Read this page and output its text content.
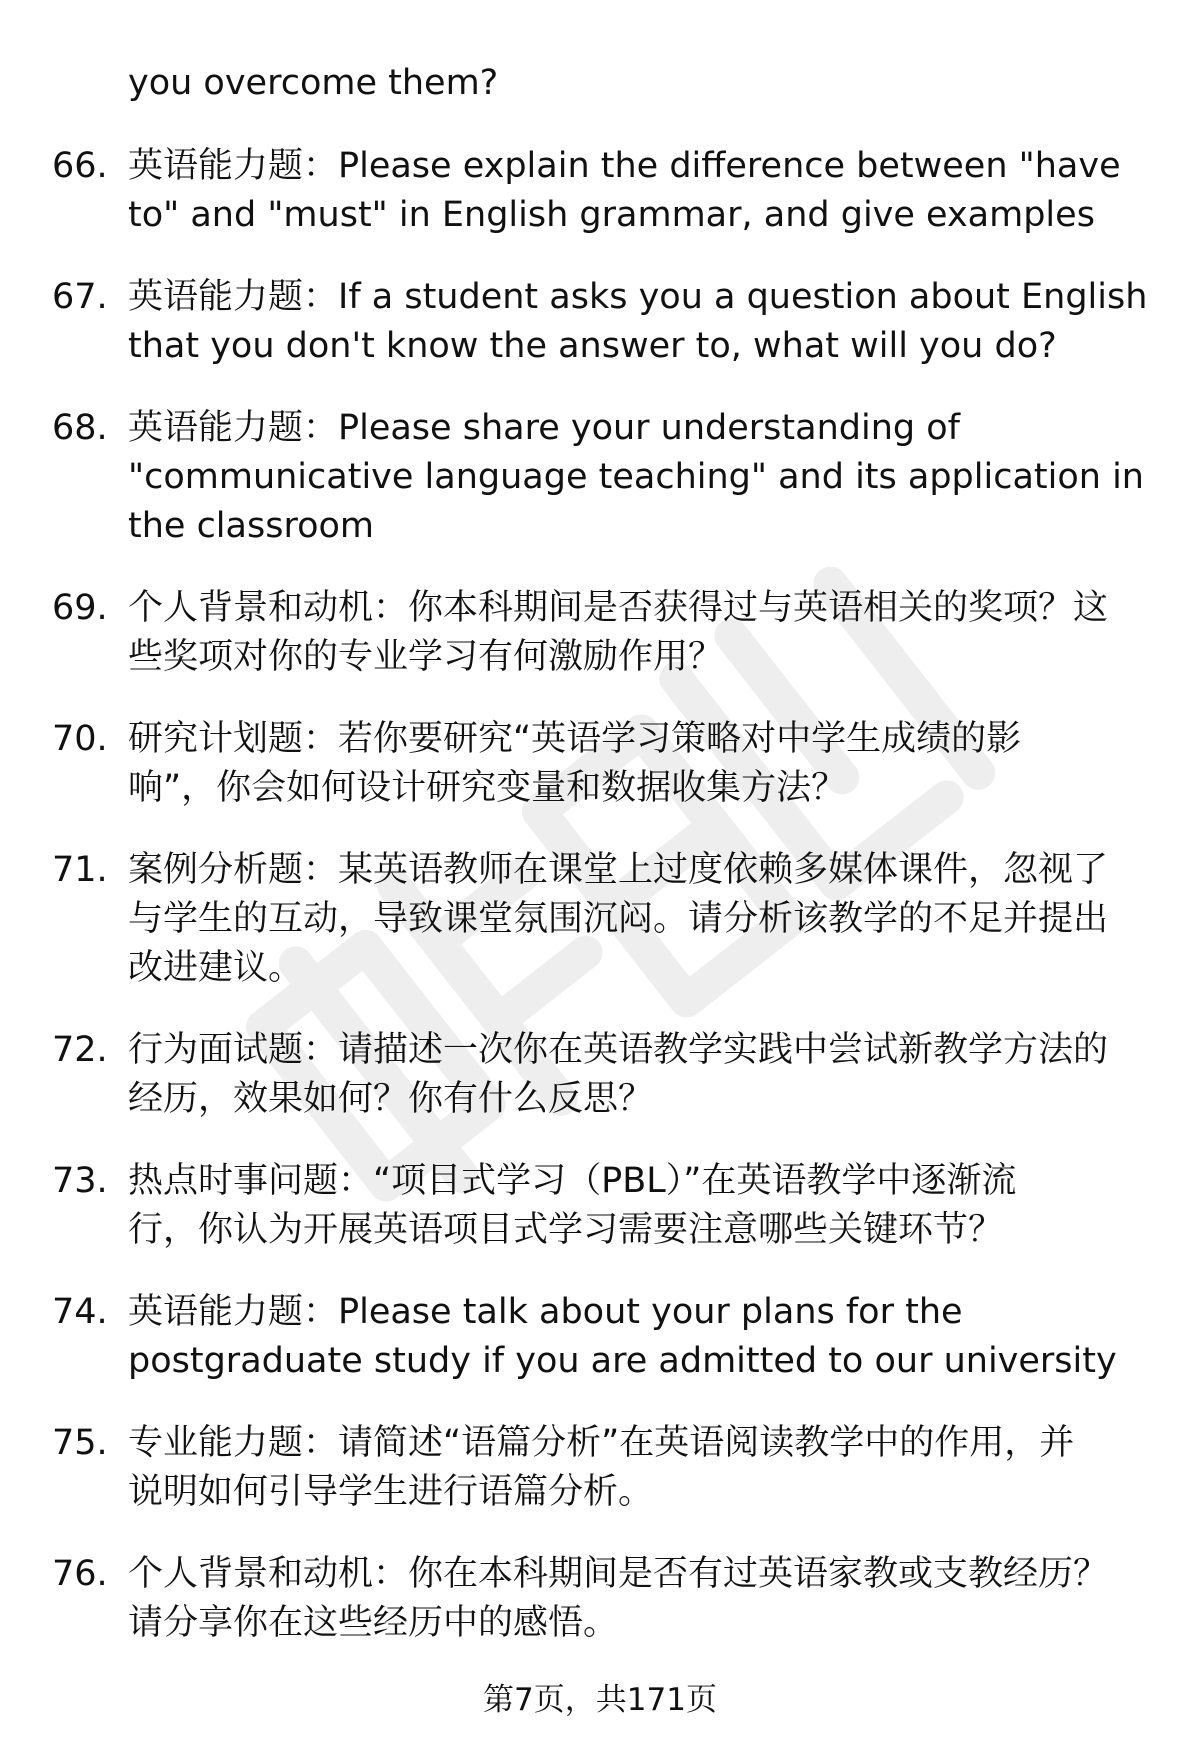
you overcome them?
66. 英语能力题：Please explain the difference between "have
to" and "must" in English grammar, and give examples
67. 英语能力题：If a student asks you a question about English
that you don't know the answer to, what will you do?
68. 英语能力题：Please share your understanding of
"communicative language teaching" and its application in
the classroom
69. 个人背景和动机：你本科期间是否获得过与英语相关的奖项？这
些奖项对你的专业学习有何激励作用？
70. 研究计划题：若你要研究“英语学习策略对中学生成绩的影
响”，你会如何设计研究变量和数据收集方法？
71. 案例分析题：某英语教师在课堂上过度依赖多媒体课件，忽视了
与学生的互动，导致课堂氛围沉闷。请分析该教学的不足并提出
改进建议。
72. 行为面试题：请描述一次你在英语教学实践中尝试新教学方法的
经历，效果如何？你有什么反思？
73. 热点时事问题：“项目式学习（PBL）”在英语教学中逐渐流
行，你认为开展英语项目式学习需要注意哪些关键环节？
74. 英语能力题：Please talk about your plans for the
postgraduate study if you are admitted to our university
75. 专业能力题：请简述“语篇分析”在英语阅读教学中的作用，并
说明如何引导学生进行语篇分析。
76. 个人背景和动机：你在本科期间是否有过英语家教或支教经历？
请分享你在这些经历中的感悟。
第7页，共171页
